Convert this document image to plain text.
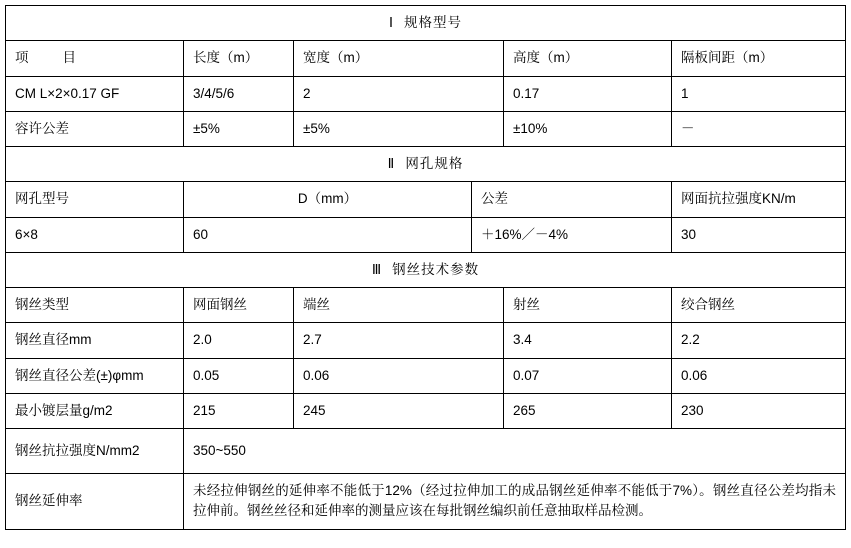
Ⅰ 规格型号					

项 目	长度（m）	宽度（m）		高度（m）	隔板间距（m）
CM L×2×0.17 GF	3/4/5/6	2		0.17	1
容许公差	±5%	±5%		±10%	－
Ⅱ 网孔规格					
网孔型号	D（mm）		公差		网面抗拉强度KN/m
6×8	60		＋16%／－4%		30
Ⅲ 钢丝技术参数					
钢丝类型	网面钢丝	端丝		射丝	绞合钢丝
钢丝直径mm	2.0	2.7		3.4	2.2
钢丝直径公差(±)φmm	0.05	0.06		0.07	0.06
最小镀层量g/m2	215	245		265	230
钢丝抗拉强度N/mm2	350~550				
钢丝延伸率	未经拉伸钢丝的延伸率不能低于12%（经过拉伸加工的成品钢丝延伸率不能低于7%）。钢丝直径公差均指未拉伸前。钢丝丝径和延伸率的测量应该在每批钢丝编织前任意抽取样品检测。				
